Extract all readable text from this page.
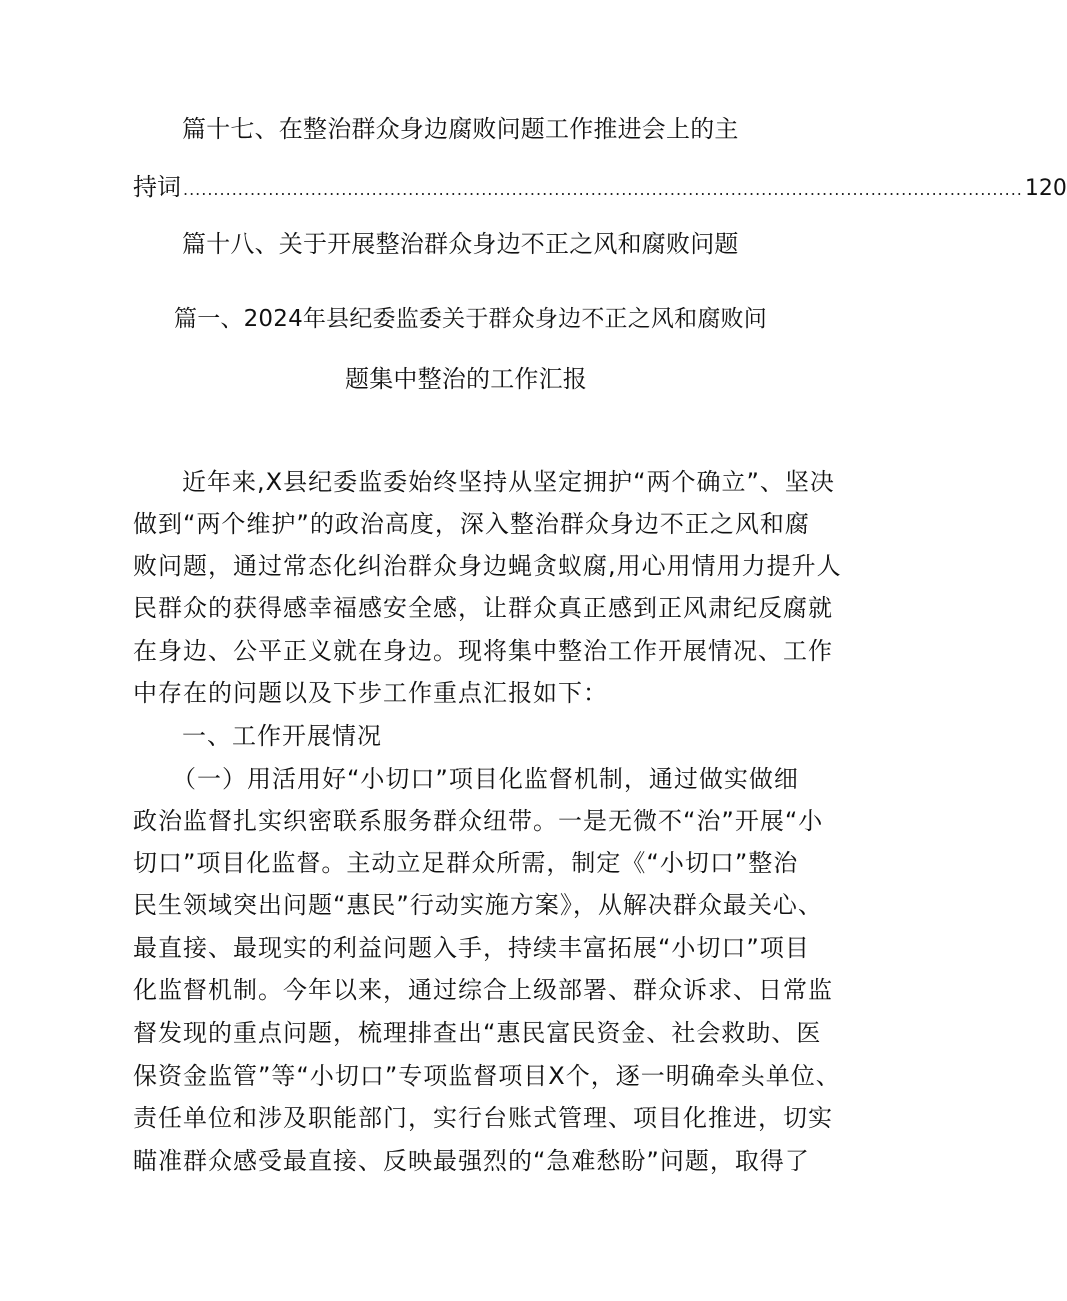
篇十七、在整治群众身边腐败问题工作推进会上的主
持词 .......................................................................................................................................... 120
篇十八、关于开展整治群众身边不正之风和腐败问题
篇一、2024年县纪委监委关于群众身边不正之风和腐败问
题集中整治的工作汇报
近年来,X县纪委监委始终坚持从坚定拥护“两个确立”、坚决
做到“两个维护”的政治高度，深入整治群众身边不正之风和腐
败问题，通过常态化纠治群众身边蝇贪蚁腐,用心用情用力提升人
民群众的获得感幸福感安全感，让群众真正感到正风肃纪反腐就
在身边、公平正义就在身边。现将集中整治工作开展情况、工作
中存在的问题以及下步工作重点汇报如下：
一、工作开展情况
（一）用活用好“小切口”项目化监督机制，通过做实做细
政治监督扎实织密联系服务群众纽带。一是无微不“治”开展“小
切口”项目化监督。主动立足群众所需，制定《“小切口”整治
民生领域突出问题“惠民”行动实施方案》，从解决群众最关心、
最直接、最现实的利益问题入手，持续丰富拓展“小切口”项目
化监督机制。今年以来，通过综合上级部署、群众诉求、日常监
督发现的重点问题，梳理排查出“惠民富民资金、社会救助、医
保资金监管”等“小切口”专项监督项目X个，逐一明确牵头单位、
责任单位和涉及职能部门，实行台账式管理、项目化推进，切实
瞄准群众感受最直接、反映最强烈的“急难愁盼”问题，取得了
